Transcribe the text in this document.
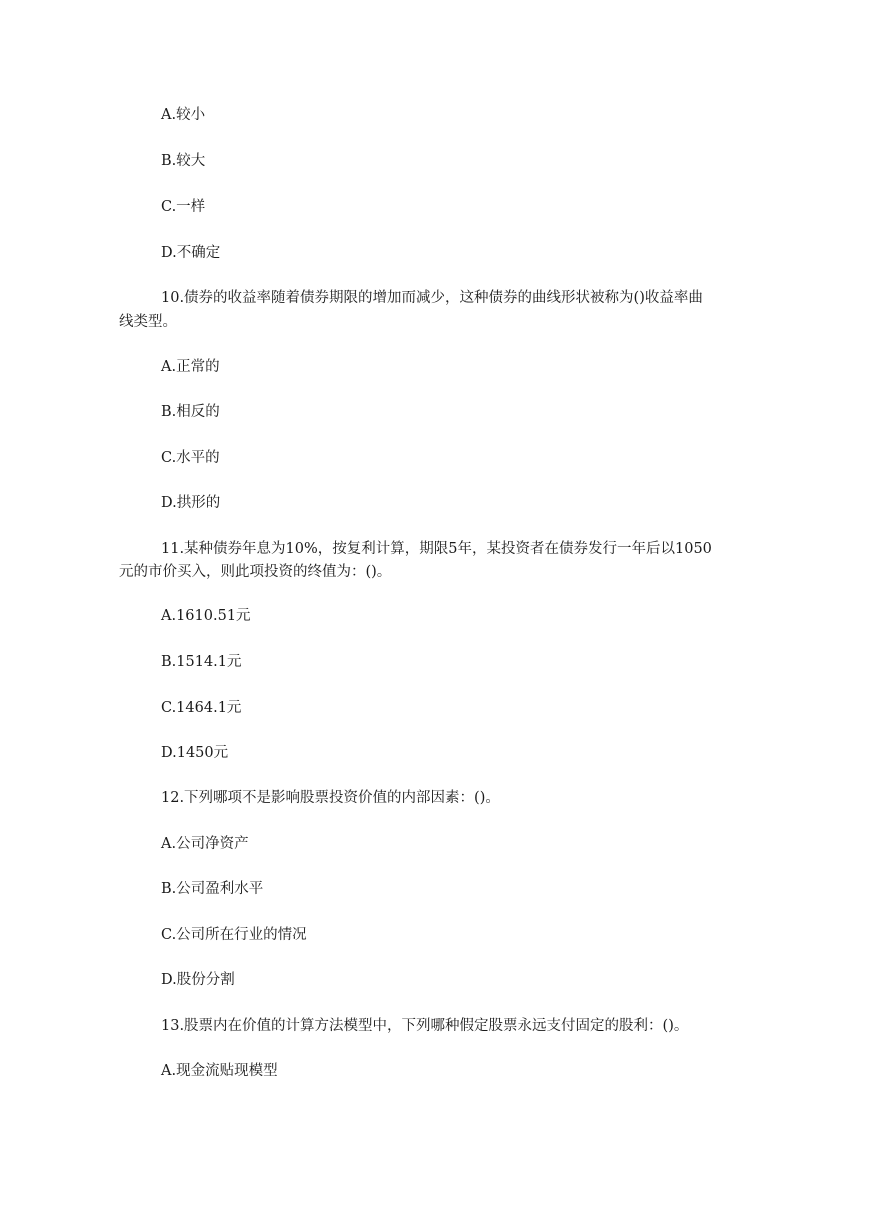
A.较小

B.较大

C.一样

D.不确定

10.债券的收益率随着债券期限的增加而减少，这种债券的曲线形状被称为()收益率曲

线类型。

A.正常的

B.相反的

C.水平的

D.拱形的

11.某种债券年息为10%，按复利计算，期限5年，某投资者在债券发行一年后以1050

元的市价买入，则此项投资的终值为：()。

A.1610.51元

B.1514.1元

C.1464.1元

D.1450元

12.下列哪项不是影响股票投资价值的内部因素：()。

A.公司净资产

B.公司盈利水平

C.公司所在行业的情况

D.股份分割

13.股票内在价值的计算方法模型中，下列哪种假定股票永远支付固定的股利：()。

A.现金流贴现模型
